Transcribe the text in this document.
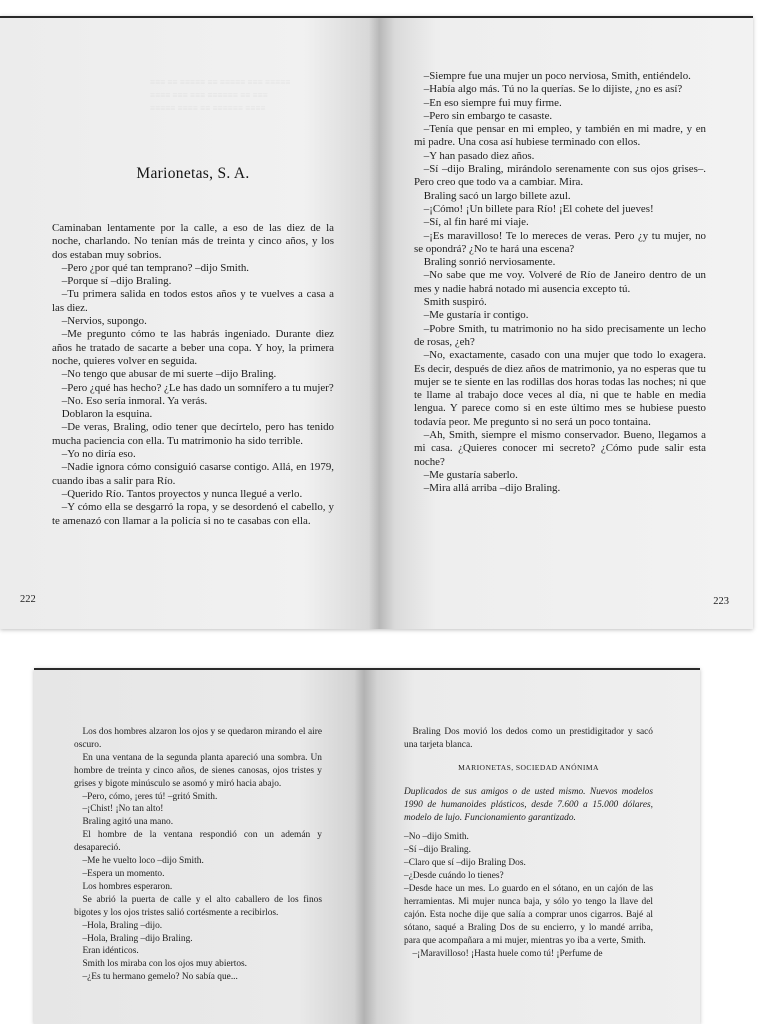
≡≡≡ ≡≡ ≡≡≡≡≡ ≡≡ ≡≡≡≡≡ ≡≡≡ ≡≡≡≡≡
≡≡≡≡ ≡≡≡ ≡≡≡ ≡≡≡≡≡≡ ≡≡ ≡≡≡
≡≡≡≡≡ ≡≡≡≡ ≡≡ ≡≡≡≡≡≡ ≡≡≡≡
Marionetas, S. A.

Caminaban lentamente por la calle, a eso de las diez de la noche, charlando. No tenían más de treinta y cinco años, y los dos estaban muy sobrios.

–Pero ¿por qué tan temprano? –dijo Smith.

–Porque sí –dijo Braling.

–Tu primera salida en todos estos años y te vuelves a casa a las diez.

–Nervios, supongo.

–Me pregunto cómo te las habrás ingeniado. Durante diez años he tratado de sacarte a beber una copa. Y hoy, la primera noche, quieres volver en seguida.

–No tengo que abusar de mi suerte –dijo Braling.

–Pero ¿qué has hecho? ¿Le has dado un somnífero a tu mujer?

–No. Eso sería inmoral. Ya verás.

Doblaron la esquina.

–De veras, Braling, odio tener que decírtelo, pero has tenido mucha paciencia con ella. Tu matrimonio ha sido terrible.

–Yo no diría eso.

–Nadie ignora cómo consiguió casarse contigo. Allá, en 1979, cuando ibas a salir para Río.

–Querido Río. Tantos proyectos y nunca llegué a verlo.

–Y cómo ella se desgarró la ropa, y se desordenó el cabello, y te amenazó con llamar a la policía si no te casabas con ella.

222

–Siempre fue una mujer un poco nerviosa, Smith, entiéndelo.

–Había algo más. Tú no la querías. Se lo dijiste, ¿no es así?

–En eso siempre fui muy firme.

–Pero sin embargo te casaste.

–Tenía que pensar en mi empleo, y también en mi madre, y en mi padre. Una cosa así hubiese terminado con ellos.

–Y han pasado diez años.

–Sí –dijo Braling, mirándolo serenamente con sus ojos grises–. Pero creo que todo va a cambiar. Mira.

Braling sacó un largo billete azul.

–¡Cómo! ¡Un billete para Río! ¡El cohete del jueves!

–Sí, al fin haré mi viaje.

–¡Es maravilloso! Te lo mereces de veras. Pero ¿y tu mujer, no se opondrá? ¿No te hará una escena?

Braling sonrió nerviosamente.

–No sabe que me voy. Volveré de Río de Janeiro dentro de un mes y nadie habrá notado mi ausencia excepto tú.

Smith suspiró.

–Me gustaría ir contigo.

–Pobre Smith, tu matrimonio no ha sido precisamente un lecho de rosas, ¿eh?

–No, exactamente, casado con una mujer que todo lo exagera. Es decir, después de diez años de matrimonio, ya no esperas que tu mujer se te siente en las rodillas dos horas todas las noches; ni que te llame al trabajo doce veces al día, ni que te hable en media lengua. Y parece como si en este último mes se hubiese puesto todavía peor. Me pregunto si no será un poco tontaina.

–Ah, Smith, siempre el mismo conservador. Bueno, llegamos a mi casa. ¿Quieres conocer mi secreto? ¿Cómo pude salir esta noche?

–Me gustaría saberlo.

–Mira allá arriba –dijo Braling.

223

Los dos hombres alzaron los ojos y se quedaron mirando el aire oscuro.

En una ventana de la segunda planta apareció una sombra. Un hombre de treinta y cinco años, de sienes canosas, ojos tristes y grises y bigote minúsculo se asomó y miró hacia abajo.

–Pero, cómo, ¡eres tú! –gritó Smith.

–¡Chist! ¡No tan alto!

Braling agitó una mano.

El hombre de la ventana respondió con un ademán y desapareció.

–Me he vuelto loco –dijo Smith.

–Espera un momento.

Los hombres esperaron.

Se abrió la puerta de calle y el alto caballero de los finos bigotes y los ojos tristes salió cortésmente a recibirlos.

–Hola, Braling –dijo.

–Hola, Braling –dijo Braling.

Eran idénticos.

Smith los miraba con los ojos muy abiertos.

–¿Es tu hermano gemelo? No sabía que...

Braling Dos movió los dedos como un prestidigitador y sacó una tarjeta blanca.

MARIONETAS, SOCIEDAD ANÓNIMA

Duplicados de sus amigos o de usted mismo. Nuevos modelos 1990 de humanoides plásticos, desde 7.600 a 15.000 dólares, modelo de lujo. Funcionamiento garantizado.

–No –dijo Smith.

–Sí –dijo Braling.

–Claro que sí –dijo Braling Dos.

–¿Desde cuándo lo tienes?

–Desde hace un mes. Lo guardo en el sótano, en un cajón de las herramientas. Mi mujer nunca baja, y sólo yo tengo la llave del cajón. Esta noche dije que salía a comprar unos cigarros. Bajé al sótano, saqué a Braling Dos de su encierro, y lo mandé arriba, para que acompañara a mi mujer, mientras yo iba a verte, Smith.

–¡Maravilloso! ¡Hasta huele como tú! ¡Perfume de
